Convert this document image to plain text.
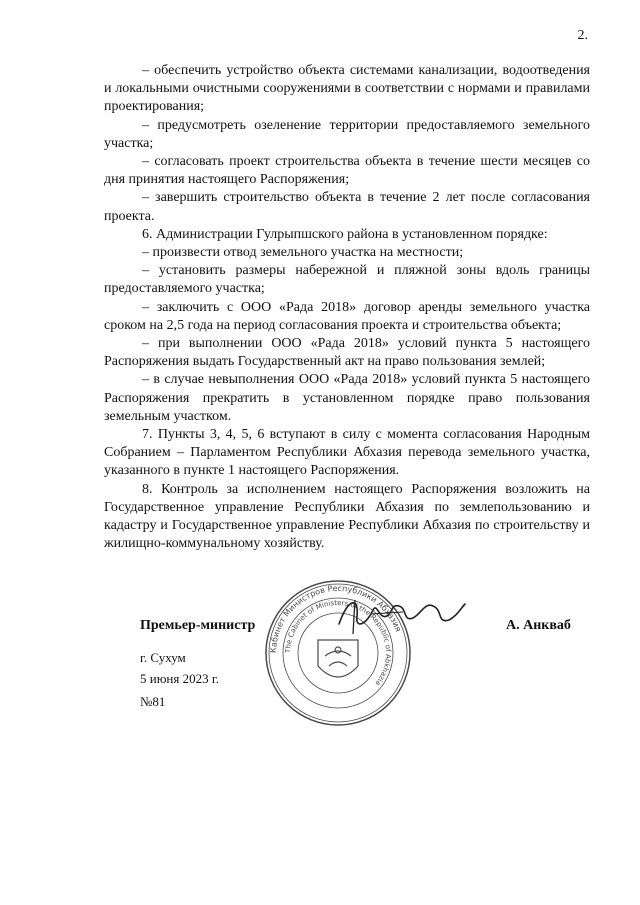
2.

– обеспечить устройство объекта системами канализации, водоотведения и локальными очистными сооружениями в соответствии с нормами и правилами проектирования;

– предусмотреть озеленение территории предоставляемого земельного участка;

– согласовать проект строительства объекта в течение шести месяцев со дня принятия настоящего Распоряжения;

– завершить строительство объекта в течение 2 лет после согласования проекта.

6. Администрации Гулрыпшского района в установленном порядке:

– произвести отвод земельного участка на местности;

– установить размеры набережной и пляжной зоны вдоль границы предоставляемого участка;

– заключить с ООО «Рада 2018» договор аренды земельного участка сроком на 2,5 года на период согласования проекта и строительства объекта;

– при выполнении ООО «Рада 2018» условий пункта 5 настоящего Распоряжения выдать Государственный акт на право пользования землей;

– в случае невыполнения ООО «Рада 2018» условий пункта 5 настоящего Распоряжения прекратить в установленном порядке право пользования земельным участком.

7. Пункты 3, 4, 5, 6 вступают в силу с момента согласования Народным Собранием – Парламентом Республики Абхазия перевода земельного участка, указанного в пункте 1 настоящего Распоряжения.

8. Контроль за исполнением настоящего Распоряжения возложить на Государственное управление Республики Абхазия по землепользованию и кадастру и Государственное управление Республики Абхазия по строительству и жилищно-коммунальному хозяйству.

Кабинет Министров Республики Абхазия
The Cabinet of Ministers of the Republic of Abkhazia
Премьер-министр	А. Анкваб
г. Сухум
5 июня 2023 г.
№81
